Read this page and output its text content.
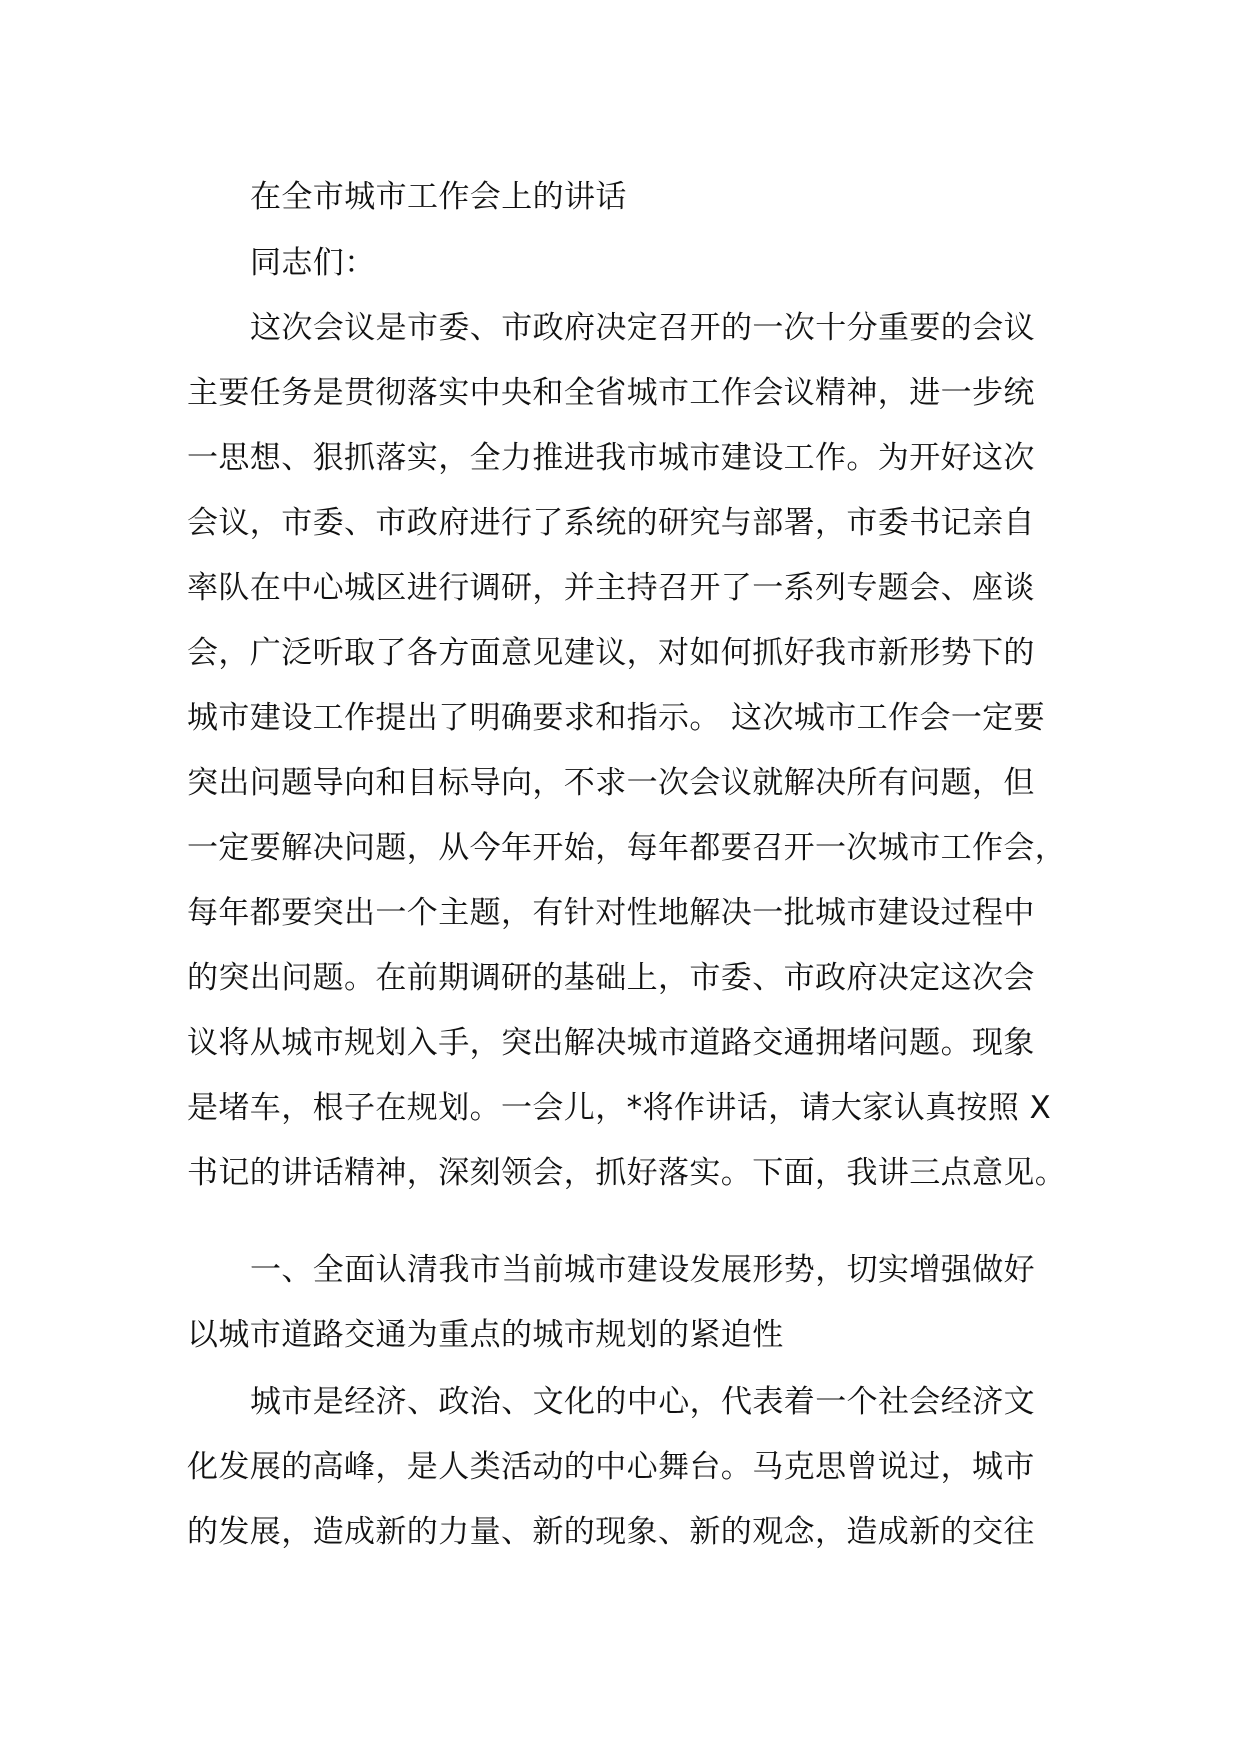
在全市城市工作会上的讲话
同志们：
这次会议是市委、市政府决定召开的一次十分重要的会议
主要任务是贯彻落实中央和全省城市工作会议精神，进一步统
一思想、狠抓落实，全力推进我市城市建设工作。为开好这次
会议，市委、市政府进行了系统的研究与部署，市委书记亲自
率队在中心城区进行调研，并主持召开了一系列专题会、座谈
会，广泛听取了各方面意见建议，对如何抓好我市新形势下的
城市建设工作提出了明确要求和指示。 这次城市工作会一定要
突出问题导向和目标导向，不求一次会议就解决所有问题，但
一定要解决问题，从今年开始，每年都要召开一次城市工作会，
每年都要突出一个主题，有针对性地解决一批城市建设过程中
的突出问题。在前期调研的基础上，市委、市政府决定这次会
议将从城市规划入手，突出解决城市道路交通拥堵问题。现象
是堵车，根子在规划。一会儿，*将作讲话，请大家认真按照 X
书记的讲话精神，深刻领会，抓好落实。下面，我讲三点意见。
一、全面认清我市当前城市建设发展形势，切实增强做好
以城市道路交通为重点的城市规划的紧迫性
城市是经济、政治、文化的中心，代表着一个社会经济文
化发展的高峰，是人类活动的中心舞台。马克思曾说过，城市
的发展，造成新的力量、新的现象、新的观念，造成新的交往
